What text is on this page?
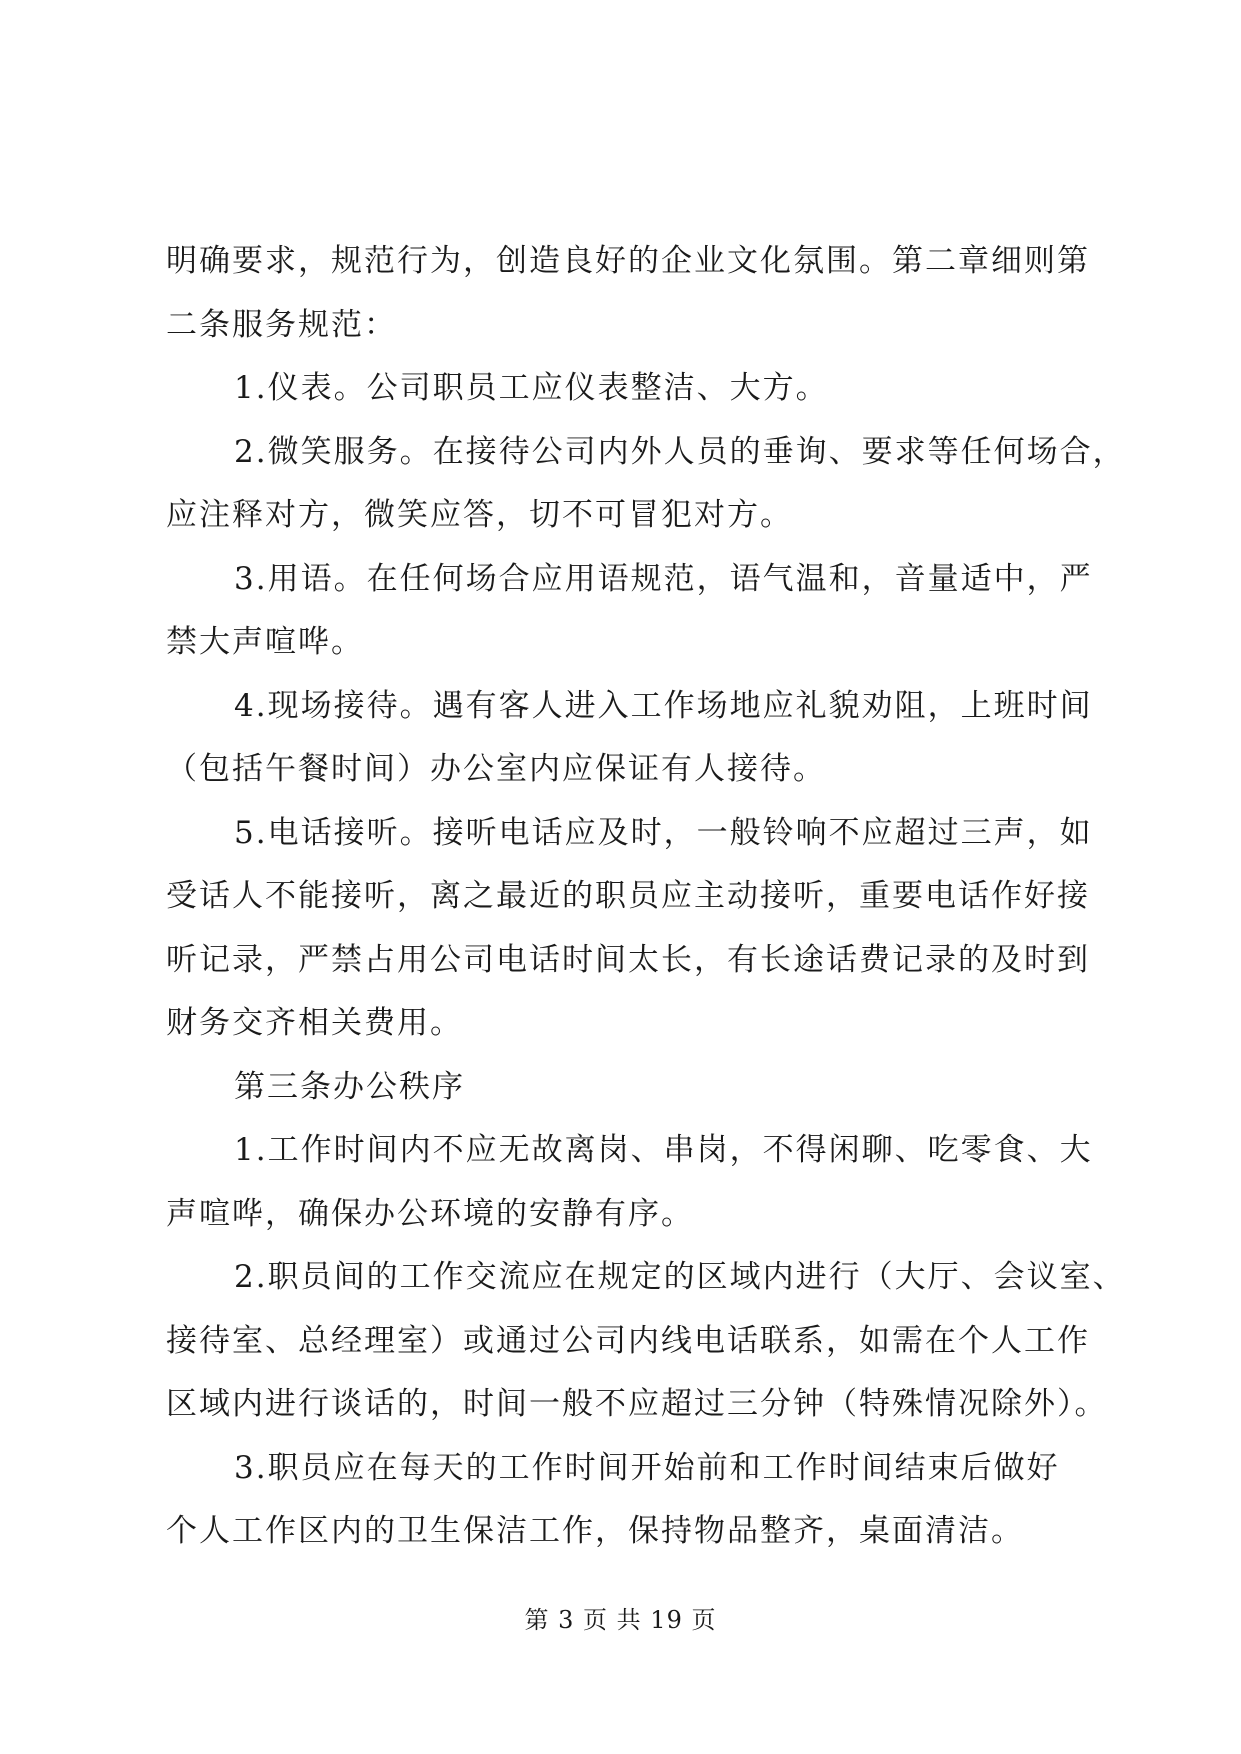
明确要求，规范行为，创造良好的企业文化氛围。第二章细则第
二条服务规范：

1.仪表。公司职员工应仪表整洁、大方。

2.微笑服务。在接待公司内外人员的垂询、要求等任何场合，
应注释对方，微笑应答，切不可冒犯对方。

3.用语。在任何场合应用语规范，语气温和，音量适中，严
禁大声喧哗。

4.现场接待。遇有客人进入工作场地应礼貌劝阻，上班时间
（包括午餐时间）办公室内应保证有人接待。

5.电话接听。接听电话应及时，一般铃响不应超过三声，如
受话人不能接听，离之最近的职员应主动接听，重要电话作好接
听记录，严禁占用公司电话时间太长，有长途话费记录的及时到
财务交齐相关费用。

第三条办公秩序

1.工作时间内不应无故离岗、串岗，不得闲聊、吃零食、大
声喧哗，确保办公环境的安静有序。

2.职员间的工作交流应在规定的区域内进行（大厅、会议室、
接待室、总经理室）或通过公司内线电话联系，如需在个人工作
区域内进行谈话的，时间一般不应超过三分钟（特殊情况除外）。

3.职员应在每天的工作时间开始前和工作时间结束后做好
个人工作区内的卫生保洁工作，保持物品整齐，桌面清洁。

第 3 页 共 19 页
